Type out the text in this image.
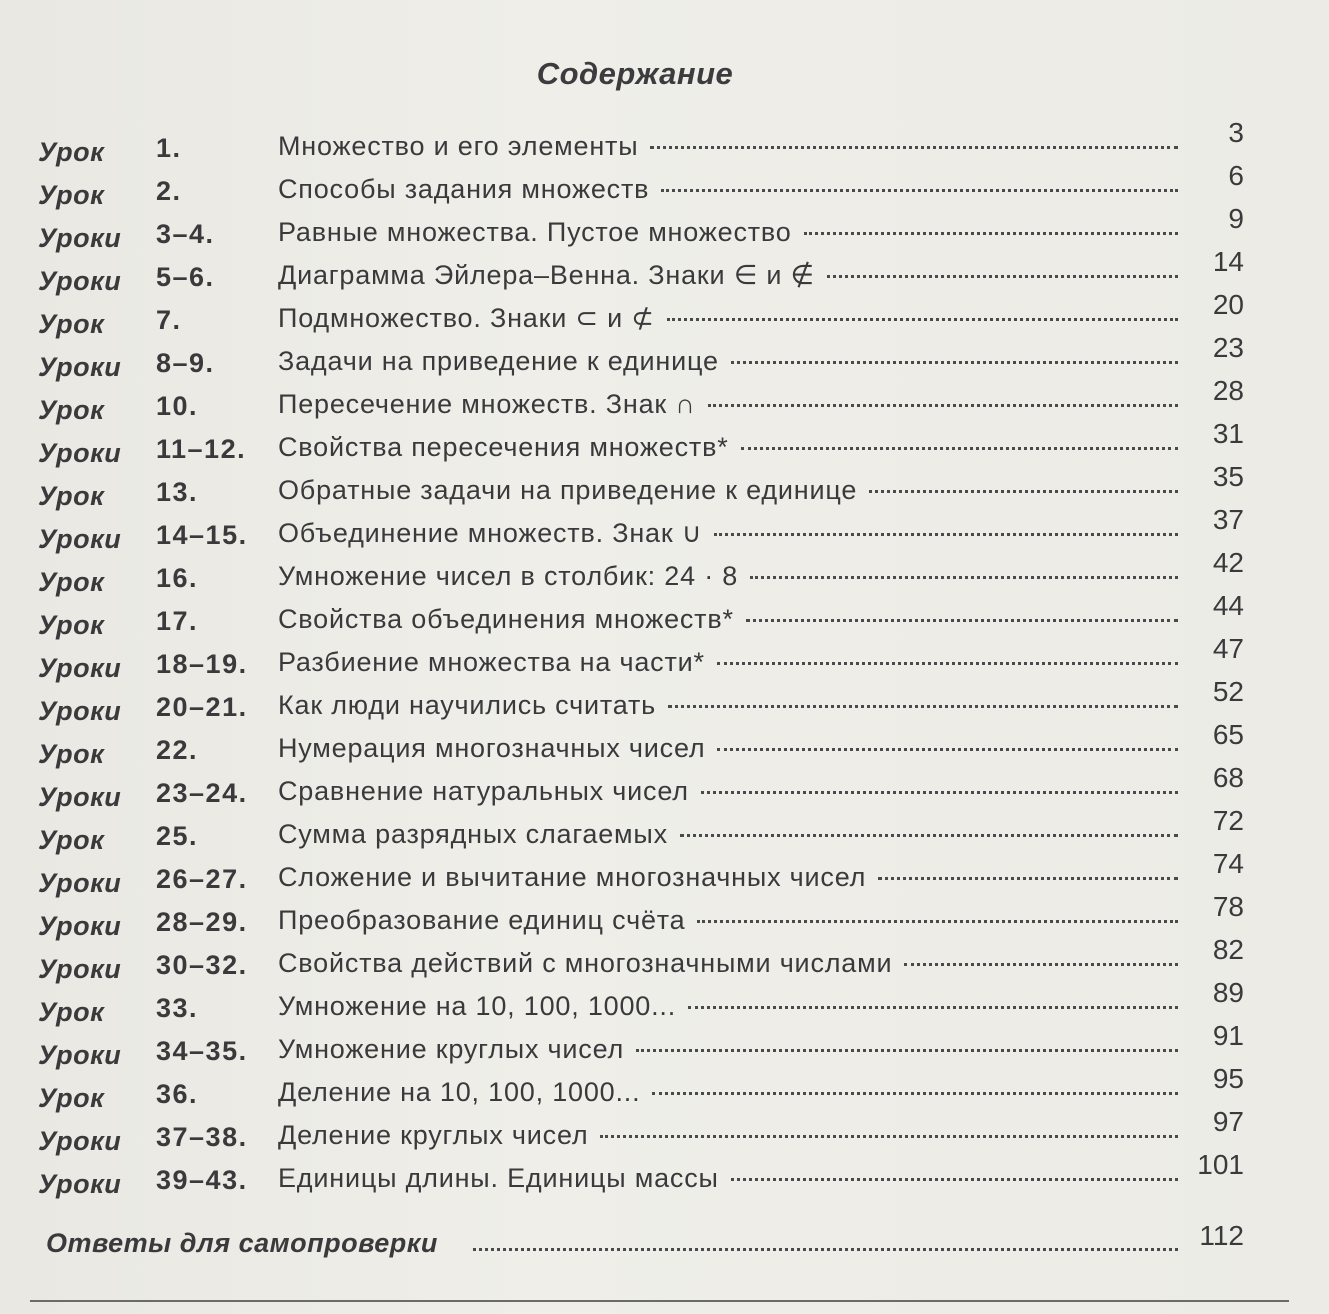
Содержание
Урок 1.	Множество и его элементы	3
Урок 2.	Способы задания множеств	6
Уроки 3–4. Равные множества. Пустое множество	9
Уроки 5–6. Диаграмма Эйлера–Венна. Знаки ∈ и ∉	14
Урок 7.	Подмножество. Знаки ⊂ и ⊄	20
Уроки 8–9. Задачи на приведение к единице	23
Урок 10.	Пересечение множеств. Знак ∩	28
Уроки 11–12. Свойства пересечения множеств*	31
Урок 13.	Обратные задачи на приведение к единице	35
Уроки 14–15. Объединение множеств. Знак ∪	37
Урок 16.	Умножение чисел в столбик: 24 · 8	42
Урок 17.	Свойства объединения множеств*	44
Уроки 18–19. Разбиение множества на части*	47
Уроки 20–21. Как люди научились считать	52
Урок 22.	Нумерация многозначных чисел	65
Уроки 23–24. Сравнение натуральных чисел	68
Урок 25.	Сумма разрядных слагаемых	72
Уроки 26–27. Сложение и вычитание многозначных чисел	74
Уроки 28–29. Преобразование единиц счёта	78
Уроки 30–32. Свойства действий с многозначными числами	82
Урок 33.	Умножение на 10, 100, 1000...	89
Уроки 34–35. Умножение круглых чисел	91
Урок 36.	Деление на 10, 100, 1000...	95
Уроки 37–38. Деление круглых чисел	97
Уроки 39–43. Единицы длины. Единицы массы	101
Ответы для самопроверки	112
